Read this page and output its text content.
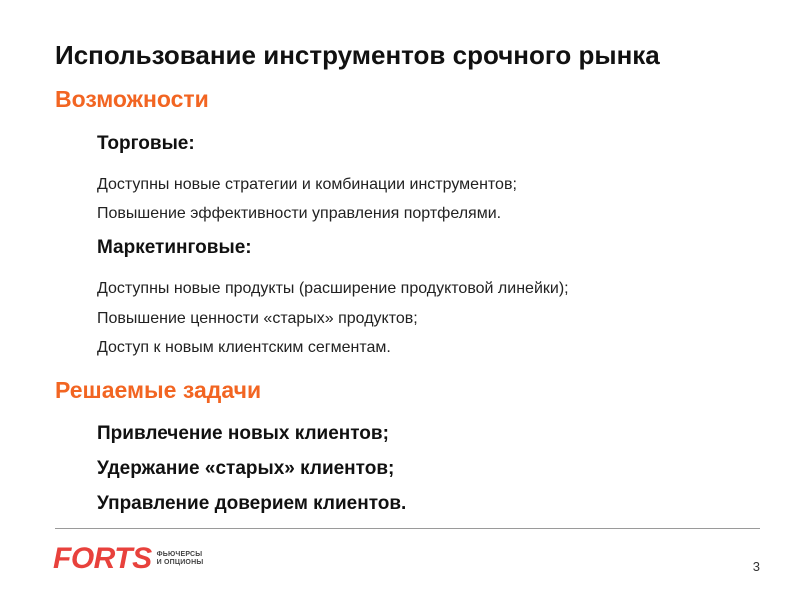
Использование инструментов срочного рынка
Возможности
Торговые:
Доступны новые стратегии и комбинации инструментов;
Повышение эффективности управления портфелями.
Маркетинговые:
Доступны новые продукты (расширение продуктовой линейки);
Повышение ценности «старых» продуктов;
Доступ к новым клиентским сегментам.
Решаемые задачи
Привлечение новых клиентов;
Удержание «старых» клиентов;
Управление доверием клиентов.
FORTS ФЬЮЧЕРСЫ
И ОПЦИОНЫ	3
